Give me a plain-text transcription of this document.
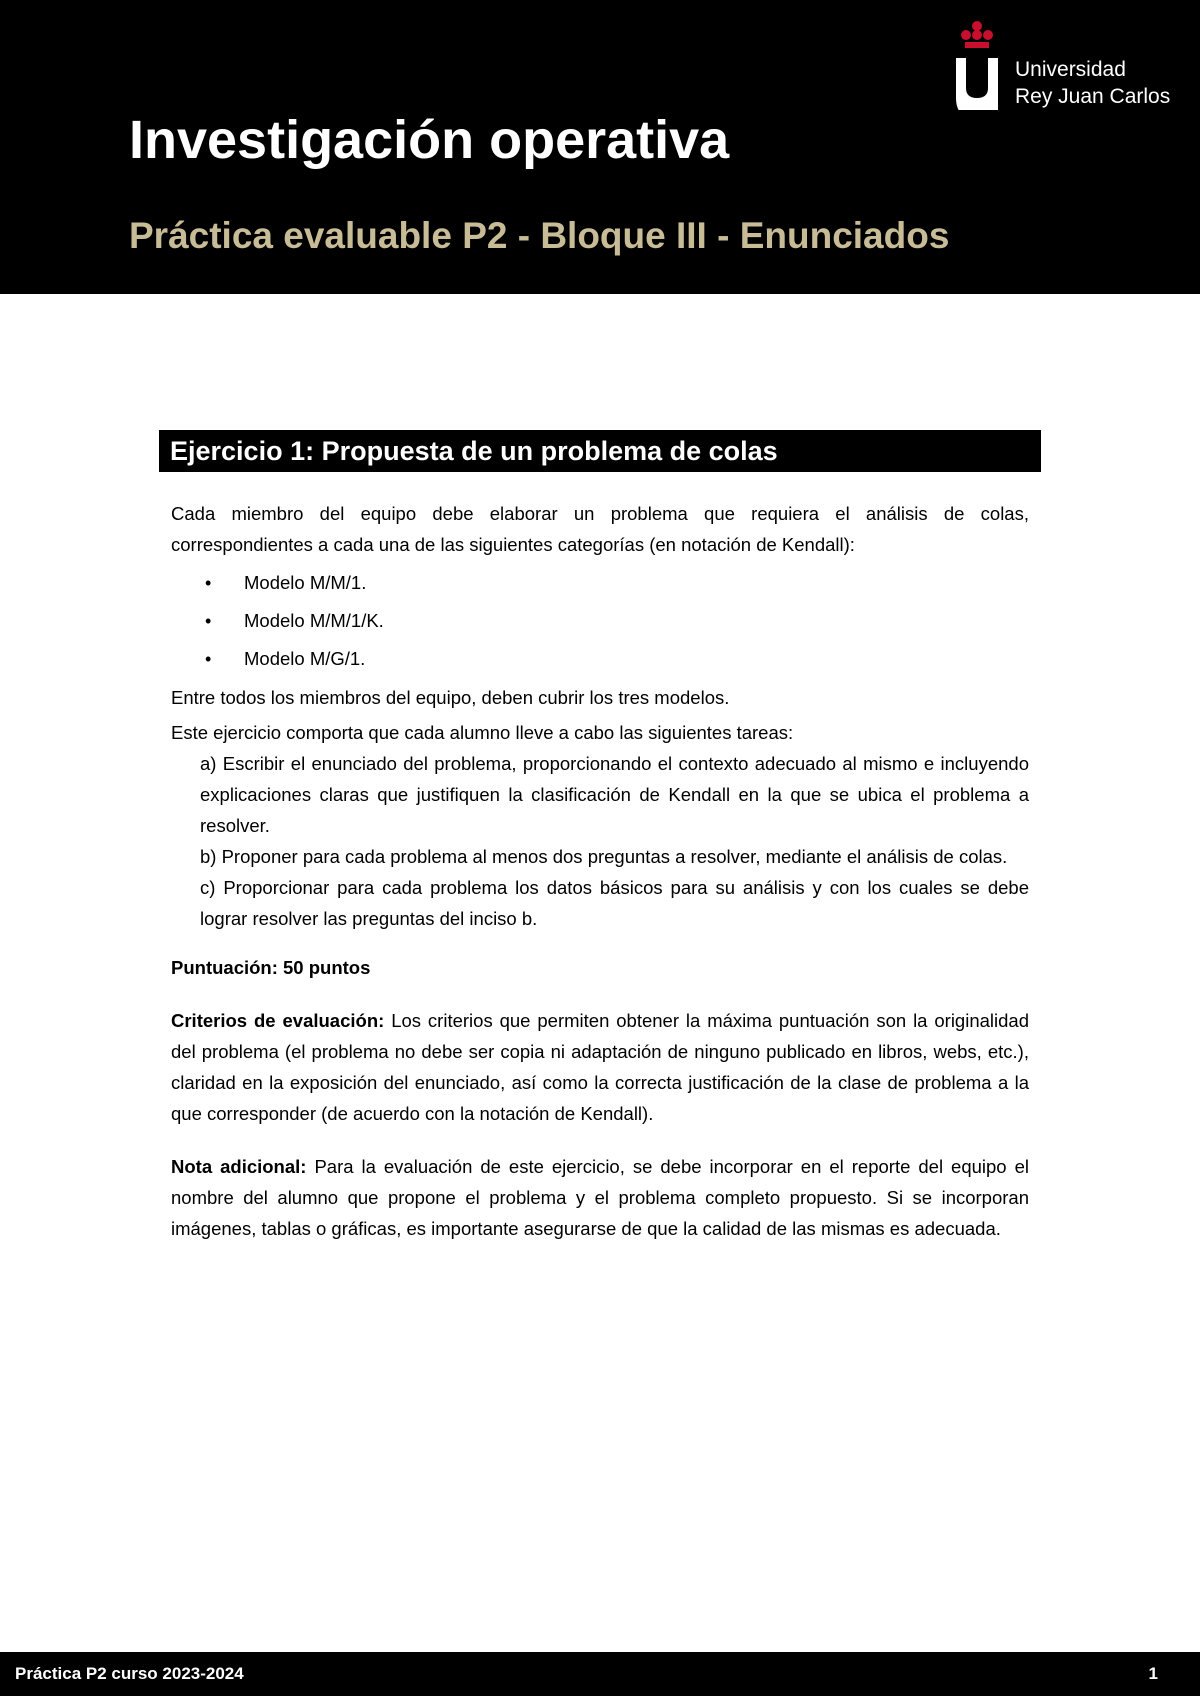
Investigación operativa
Práctica evaluable P2 - Bloque III - Enunciados
Universidad
Rey Juan Carlos
Ejercicio 1: Propuesta de un problema de colas

Cada miembro del equipo debe elaborar un problema que requiera el análisis de colas, correspondientes a cada una de las siguientes categorías (en notación de Kendall):

• Modelo M/M/1.
• Modelo M/M/1/K.
• Modelo M/G/1.

Entre todos los miembros del equipo, deben cubrir los tres modelos.

Este ejercicio comporta que cada alumno lleve a cabo las siguientes tareas:

a) Escribir el enunciado del problema, proporcionando el contexto adecuado al mismo e incluyendo explicaciones claras que justifiquen la clasificación de Kendall en la que se ubica el problema a resolver.

b) Proponer para cada problema al menos dos preguntas a resolver, mediante el análisis de colas.

c) Proporcionar para cada problema los datos básicos para su análisis y con los cuales se debe lograr resolver las preguntas del inciso b.

Puntuación: 50 puntos

Criterios de evaluación: Los criterios que permiten obtener la máxima puntuación son la originalidad del problema (el problema no debe ser copia ni adaptación de ninguno publicado en libros, webs, etc.), claridad en la exposición del enunciado, así como la correcta justificación de la clase de problema a la que corresponder (de acuerdo con la notación de Kendall).

Nota adicional: Para la evaluación de este ejercicio, se debe incorporar en el reporte del equipo el nombre del alumno que propone el problema y el problema completo propuesto. Si se incorporan imágenes, tablas o gráficas, es importante asegurarse de que la calidad de las mismas es adecuada.

Práctica P2 curso 2023-2024	1
